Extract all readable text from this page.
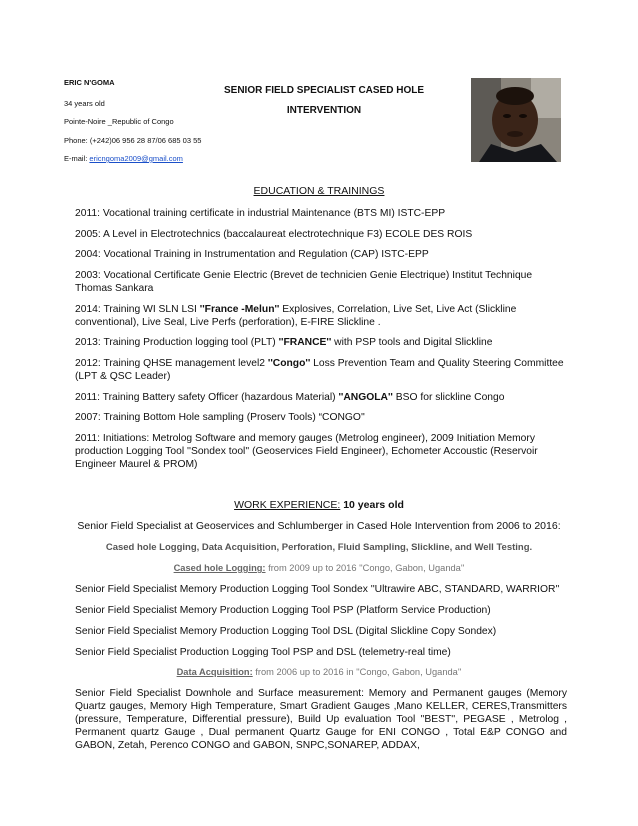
ERIC N'GOMA
34 years old
Pointe-Noire _Republic of Congo
Phone: (+242)06 956 28 87/06 685 03 55
E-mail: ericngoma2009@gmail.com
SENIOR FIELD SPECIALIST CASED HOLE
INTERVENTION
EDUCATION & TRAININGS
2011: Vocational training certificate in industrial Maintenance (BTS MI) ISTC-EPP
2005: A Level in Electrotechnics (baccalaureat electrotechnique F3) ECOLE DES ROIS
2004: Vocational Training in Instrumentation and Regulation (CAP) ISTC-EPP
2003: Vocational Certificate Genie Electric (Brevet de technicien Genie Electrique) Institut Technique Thomas Sankara
2014: Training WI SLN LSI ''France -Melun'' Explosives, Correlation, Live Set, Live Act (Slickline conventional), Live Seal, Live Perfs (perforation), E-FIRE Slickline .
2013: Training Production logging tool (PLT) ''FRANCE'' with PSP tools and Digital Slickline
2012: Training QHSE management level2 ''Congo'' Loss Prevention Team and Quality Steering Committee (LPT & QSC Leader)
2011: Training Battery safety Officer (hazardous Material) ''ANGOLA'' BSO for slickline Congo
2007: Training Bottom Hole sampling (Proserv Tools) “CONGO''
2011: Initiations: Metrolog Software and memory gauges (Metrolog engineer), 2009 Initiation Memory production Logging Tool ''Sondex tool'' (Geoservices Field Engineer), Echometer Accoustic (Reservoir Engineer Maurel & PROM)
WORK EXPERIENCE: 10 years old
Senior Field Specialist at Geoservices and Schlumberger in Cased Hole Intervention from 2006 to 2016:
Cased hole Logging, Data Acquisition, Perforation, Fluid Sampling, Slickline, and Well Testing.
Cased hole Logging: from 2009 up to 2016 ''Congo, Gabon, Uganda''
Senior Field Specialist Memory Production Logging Tool Sondex ''Ultrawire ABC, STANDARD, WARRIOR''
Senior Field Specialist Memory Production Logging Tool PSP (Platform Service Production)
Senior Field Specialist Memory Production Logging Tool DSL (Digital Slickline Copy Sondex)
Senior Field Specialist Production Logging Tool PSP and DSL (telemetry-real time)
Data Acquisition: from 2006 up to 2016 in ''Congo, Gabon, Uganda''
Senior Field Specialist Downhole and Surface measurement: Memory and Permanent gauges (Memory Quartz gauges, Memory High Temperature, Smart Gradient Gauges ,Mano KELLER, CERES,Transmitters (pressure, Temperature, Differential pressure), Build Up evaluation Tool ''BEST'', PEGASE , Metrolog , Permanent quartz Gauge , Dual permanent Quartz Gauge for ENI CONGO , Total E&P CONGO and GABON, Zetah, Perenco CONGO and GABON, SNPC,SONAREP, ADDAX,
